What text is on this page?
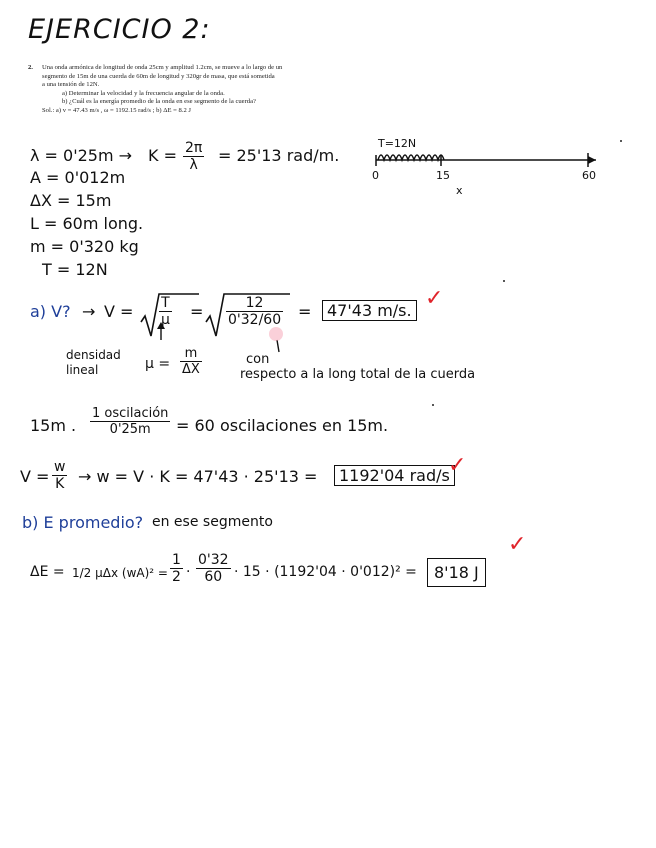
EJERCICIO 2:
2. Una onda armónica de longitud de onda 25cm y amplitud 1.2cm, se mueve a lo largo de un
segmento de 15m de una cuerda de 60m de longitud y 320gr de masa, que está sometida
a una tensión de 12N.
a) Determinar la velocidad y la frecuencia angular de la onda.
b) ¿Cuál es la energía promedio de la onda en ese segmento de la cuerda?
Sol.: a) v = 47.43 m/s , ω = 1192.15 rad/s ; b) ΔE = 8.2 J
$\lambda = 0'25m \to K = \frac{2\pi}{\lambda} = 25'13$ rad/m.
A = 0'012m
ΔX = 15m
L = 60m long.
m = 0'320 kg
T = 12N
T=12N
0	15	60
x
a) V? → $V = \frac{T}{\mu} = \frac{12}{0'32/60} = 47'43$ m/s. ✓
densidad lineal	$\mu = \frac{m}{\Delta X}$	con
respecto a la long total de la cuerda
15m .
1 oscilación
0'25m	= 60 oscilaciones en 15m.
$V = \frac{w}{K} \to w = V \cdot K = 47'43 \cdot 25'13$ =	1192'04 rad/s
✓
b) E promedio? en ese segmento
ΔE = 1/2 μΔx $(wA)^2 = \frac{1}{2} \cdot \frac{0'32}{60} \cdot 15 \cdot (1192'04 \cdot 0'012)^2$ =	8'18 J
✓
